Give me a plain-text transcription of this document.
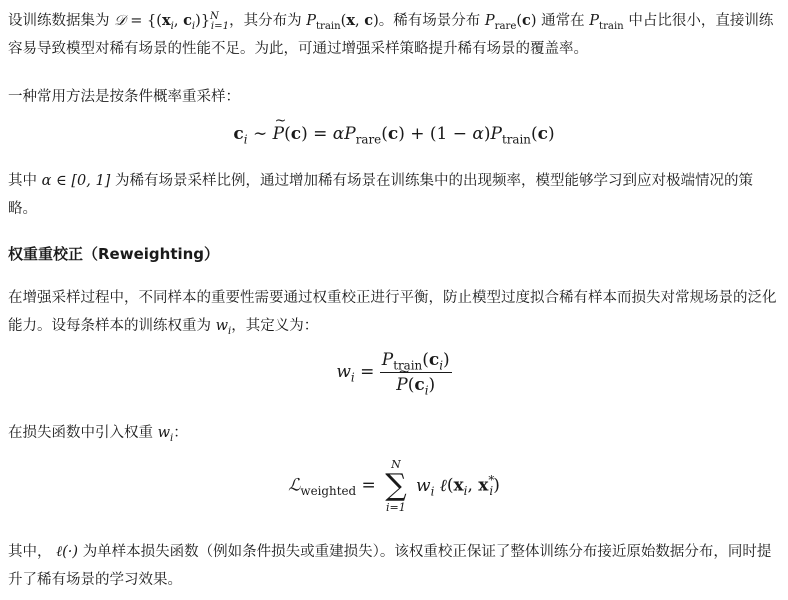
设训练数据集为 𝒟 = {($x_i$, $c_i)\}^N_{i=1}$，其分布为 $P_{train}(x$, c)。稀有场景分布 $P_{rare}(c)$ 通常在 $P_{train}$ 中占比很小，直接训练容易导致模型对稀有场景的性能不足。为此，可通过增强采样策略提升稀有场景的覆盖率。

一种常用方法是按条件概率重采样：

$c_i$ ∼ ~ $P(c) = \alpha P_{rare}(c) + (1 - \alpha)P_{train}(c)$

其中 α ∈ [0, 1] 为稀有场景采样比例，通过增加稀有场景在训练集中的出现频率，模型能够学习到应对极端情况的策略。

权重重校正（Reweighting）

在增强采样过程中，不同样本的重要性需要通过权重校正进行平衡，防止模型过度拟合稀有样本而损失对常规场景的泛化能力。设每条样本的训练权重为 $w_i$，其定义为：

$w_i = P_{train}(c_i)$
~ $P(c_i)$

在损失函数中引入权重 $w_i$：

ℒ$_{weighted}$ =
N
∑
i=1
$w_i$ $\ell(x_i$, $x^*_i$)

其中， ℓ(·) 为单样本损失函数（例如条件损失或重建损失）。该权重校正保证了整体训练分布接近原始数据分布，同时提升了稀有场景的学习效果。
